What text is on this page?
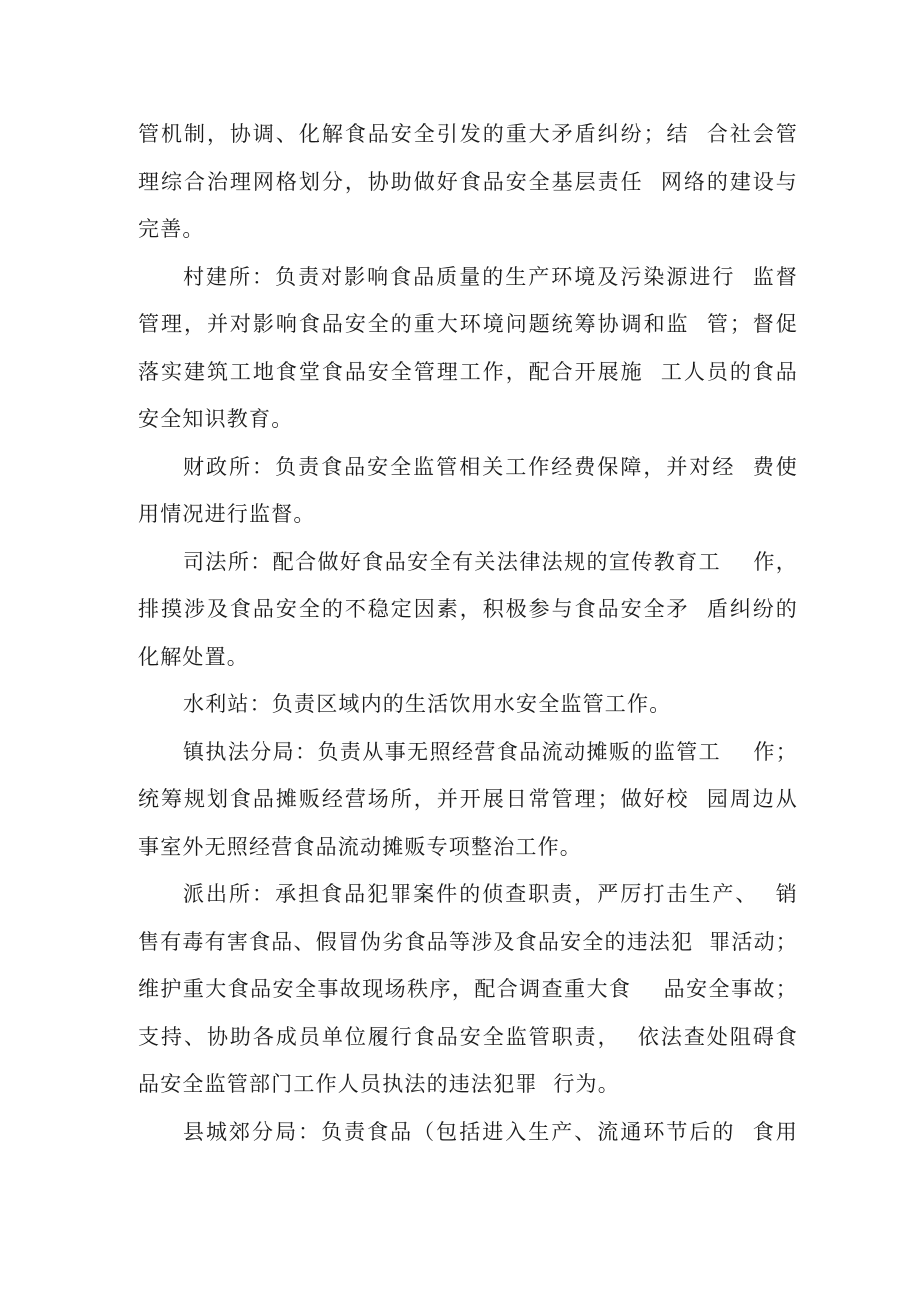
管机制，协调、化解食品安全引发的重大矛盾纠纷；结  合社会管
理综合治理网格划分，协助做好食品安全基层责任  网络的建设与
完善。
村建所：负责对影响食品质量的生产环境及污染源进行  监督
管理，并对影响食品安全的重大环境问题统筹协调和监  管；督促
落实建筑工地食堂食品安全管理工作，配合开展施  工人员的食品
安全知识教育。
财政所：负责食品安全监管相关工作经费保障，并对经  费使
用情况进行监督。
司法所：配合做好食品安全有关法律法规的宣传教育工    作，
排摸涉及食品安全的不稳定因素，积极参与食品安全矛  盾纠纷的
化解处置。
水利站：负责区域内的生活饮用水安全监管工作。
镇执法分局：负责从事无照经营食品流动摊贩的监管工    作；
统筹规划食品摊贩经营场所，并开展日常管理；做好校  园周边从
事室外无照经营食品流动摊贩专项整治工作。
派出所：承担食品犯罪案件的侦查职责，严厉打击生产、  销
售有毒有害食品、假冒伪劣食品等涉及食品安全的违法犯  罪活动；
维护重大食品安全事故现场秩序，配合调查重大食    品安全事故；
支持、协助各成员单位履行食品安全监管职责，  依法查处阻碍食
品安全监管部门工作人员执法的违法犯罪  行为。
县城郊分局：负责食品（包括进入生产、流通环节后的  食用
